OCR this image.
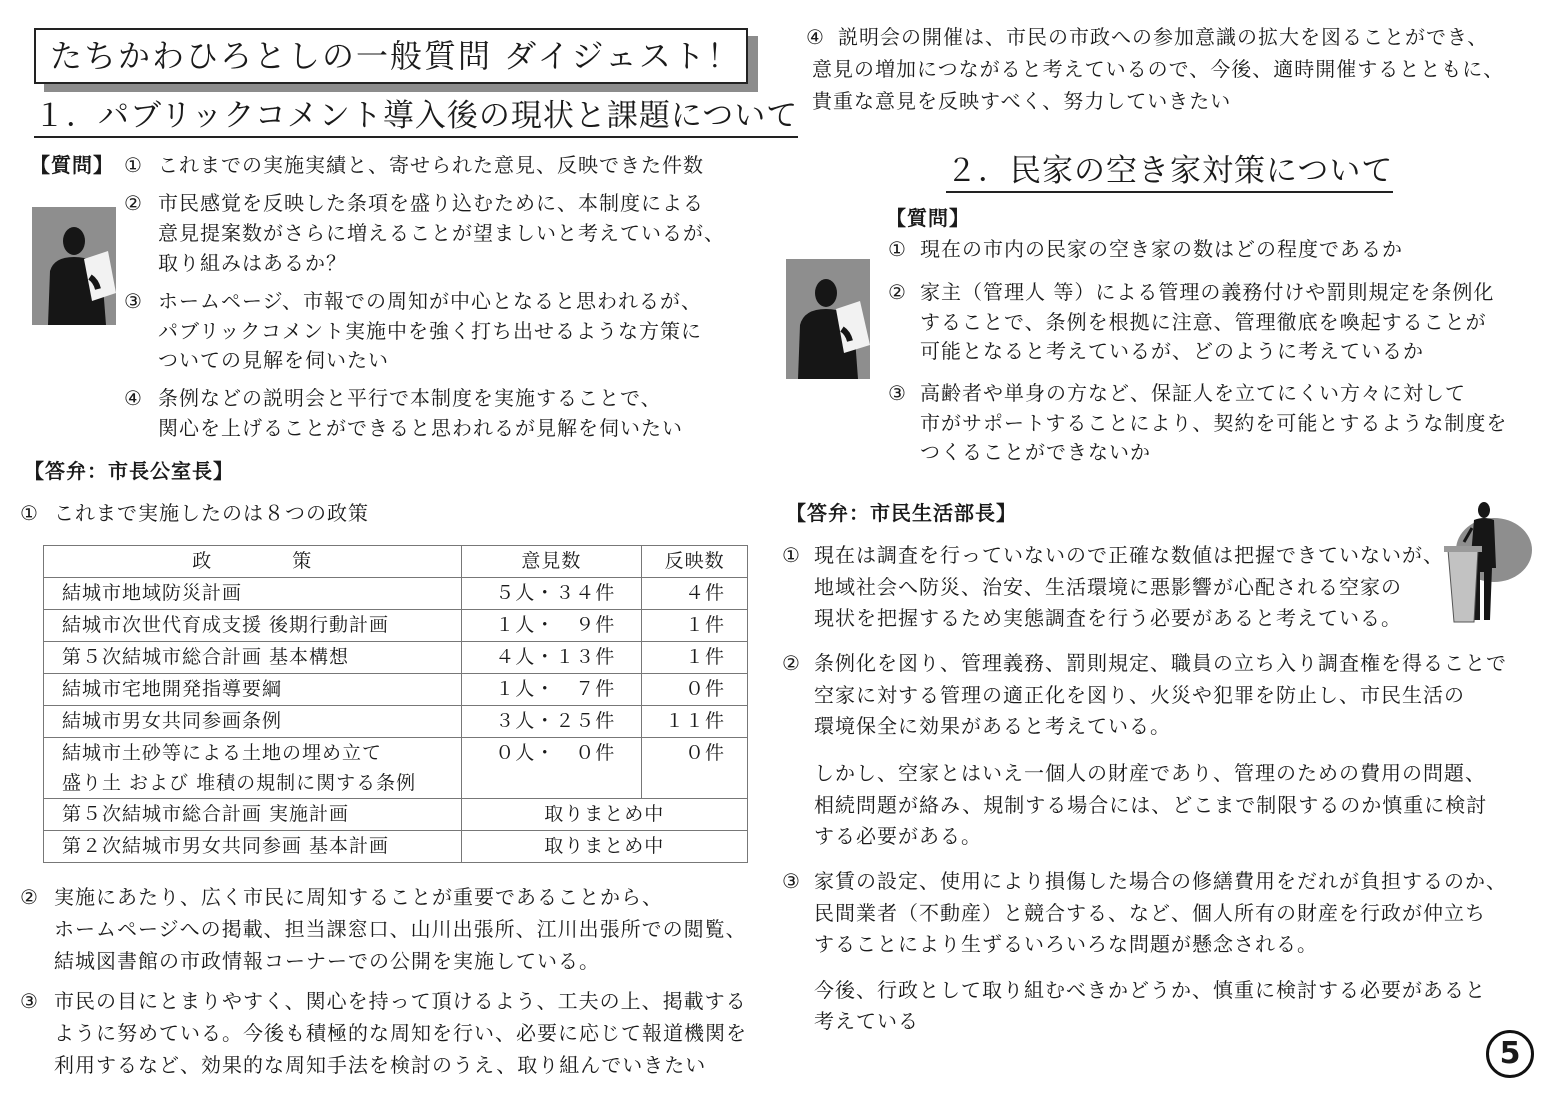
たちかわひろとしの一般質問 ダイジェスト！
１．パブリックコメント導入後の現状と課題について
【質問】 ① これまでの実施実績と、寄せられた意見、反映できた件数
② 市民感覚を反映した条項を盛り込むために、本制度による
意見提案数がさらに増えることが望ましいと考えているが、
取り組みはあるか？
③ ホームページ、市報での周知が中心となると思われるが、
パブリックコメント実施中を強く打ち出せるような方策に
ついての見解を伺いたい
④ 条例などの説明会と平行で本制度を実施することで、
関心を上げることができると思われるが見解を伺いたい
【答弁：市長公室長】
① これまで実施したのは８つの政策
政　　　　策	意見数	反映数
結城市地域防災計画	５人・３４件	４件
結城市次世代育成支援 後期行動計画	１人・　９件	１件
第５次結城市総合計画 基本構想	４人・１３件	１件
結城市宅地開発指導要綱	１人・　７件	０件
結城市男女共同参画条例	３人・２５件	１１件

結城市土砂等による土地の埋め立て
盛り土 および 堆積の規制に関する条例	０人・　０件	０件
第５次結城市総合計画 実施計画	取りまとめ中	
第２次結城市男女共同参画 基本計画	取りまとめ中	
② 実施にあたり、広く市民に周知することが重要であることから、
ホームページへの掲載、担当課窓口、山川出張所、江川出張所での閲覧、
結城図書館の市政情報コーナーでの公開を実施している。
③ 市民の目にとまりやすく、関心を持って頂けるよう、工夫の上、掲載する
ように努めている。今後も積極的な周知を行い、必要に応じて報道機関を
利用するなど、効果的な周知手法を検討のうえ、取り組んでいきたい
④ 説明会の開催は、市民の市政への参加意識の拡大を図ることができ、
意見の増加につながると考えているので、今後、適時開催するとともに、
貴重な意見を反映すべく、努力していきたい
２．民家の空き家対策について
【質問】
① 現在の市内の民家の空き家の数はどの程度であるか
② 家主（管理人 等）による管理の義務付けや罰則規定を条例化
することで、条例を根拠に注意、管理徹底を喚起することが
可能となると考えているが、どのように考えているか
③ 高齢者や単身の方など、保証人を立てにくい方々に対して
市がサポートすることにより、契約を可能とするような制度を
つくることができないか
【答弁：市民生活部長】
① 現在は調査を行っていないので正確な数値は把握できていないが、
地域社会へ防災、治安、生活環境に悪影響が心配される空家の
現状を把握するため実態調査を行う必要があると考えている。
② 条例化を図り、管理義務、罰則規定、職員の立ち入り調査権を得ることで
空家に対する管理の適正化を図り、火災や犯罪を防止し、市民生活の
環境保全に効果があると考えている。
しかし、空家とはいえ一個人の財産であり、管理のための費用の問題、
相続問題が絡み、規制する場合には、どこまで制限するのか慎重に検討
する必要がある。
③ 家賃の設定、使用により損傷した場合の修繕費用をだれが負担するのか、
民間業者（不動産）と競合する、など、個人所有の財産を行政が仲立ち
することにより生ずるいろいろな問題が懸念される。
今後、行政として取り組むべきかどうか、慎重に検討する必要があると
考えている
5
